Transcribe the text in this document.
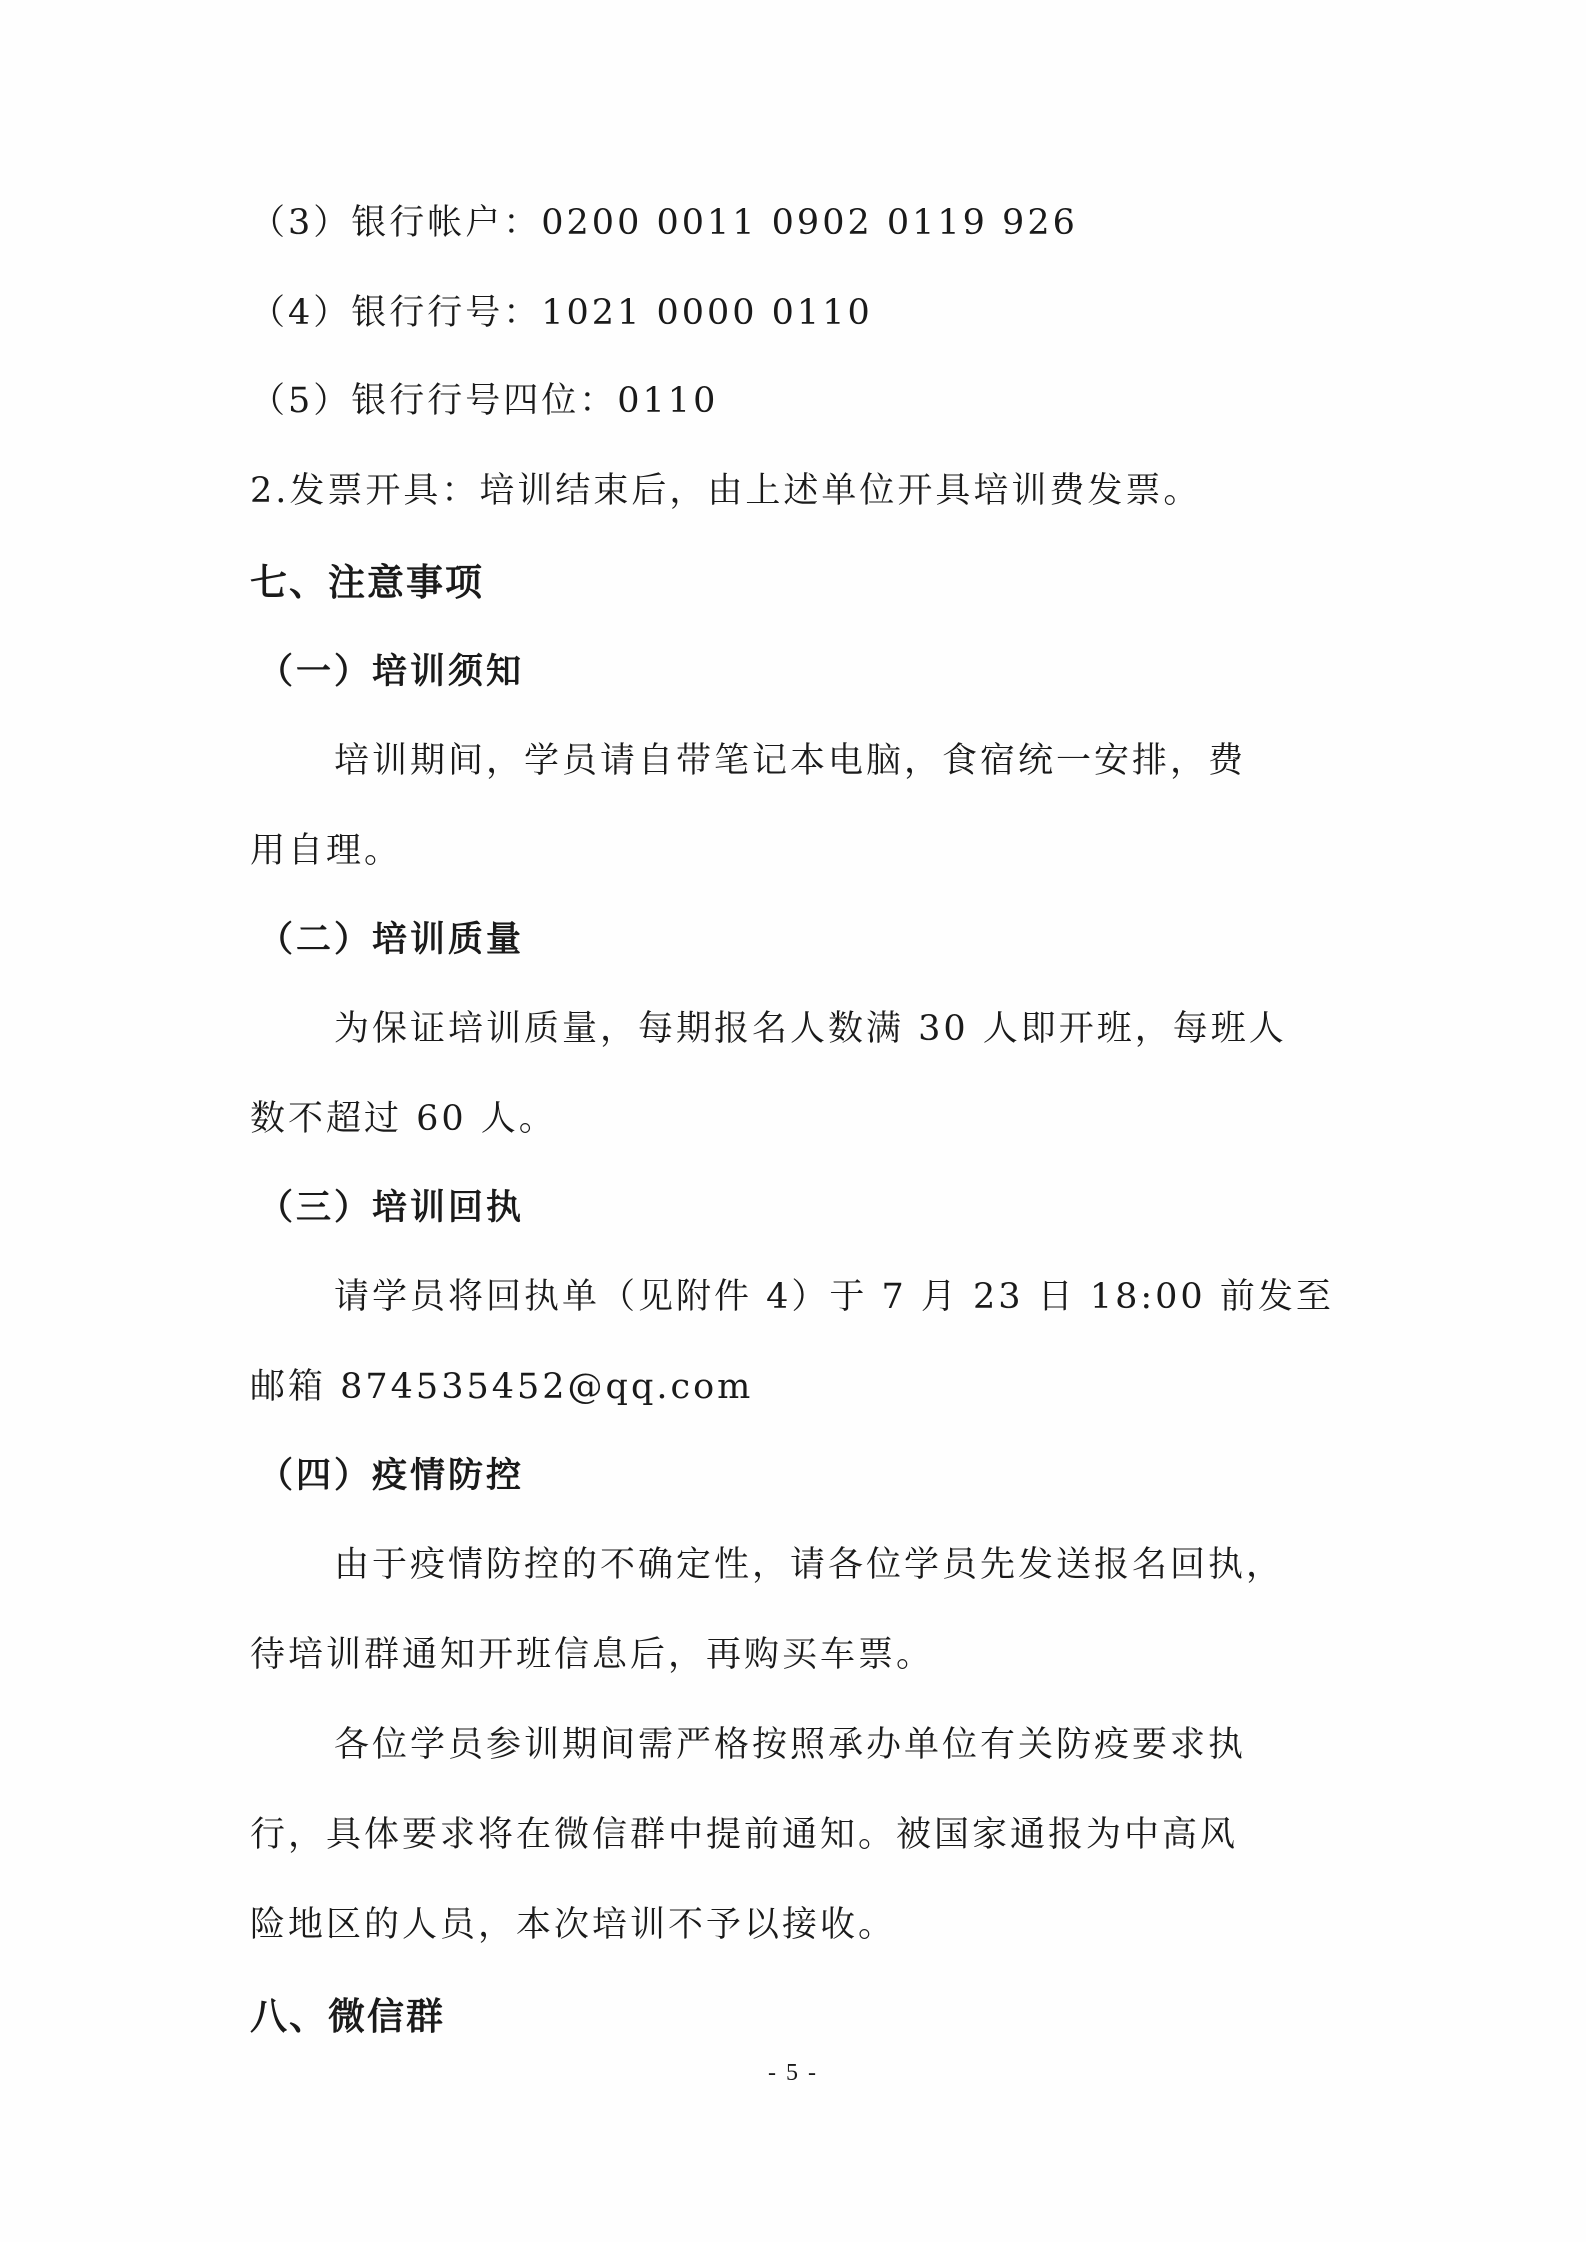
（3）银行帐户：0200 0011 0902 0119 926
（4）银行行号：1021 0000 0110
（5）银行行号四位：0110
2.发票开具：培训结束后，由上述单位开具培训费发票。
七、注意事项
（一）培训须知
培训期间，学员请自带笔记本电脑，食宿统一安排，费
用自理。
（二）培训质量
为保证培训质量，每期报名人数满 30 人即开班，每班人
数不超过 60 人。
（三）培训回执
请学员将回执单（见附件 4）于 7 月 23 日 18:00 前发至
邮箱 874535452@qq.com
（四）疫情防控
由于疫情防控的不确定性，请各位学员先发送报名回执，
待培训群通知开班信息后，再购买车票。
各位学员参训期间需严格按照承办单位有关防疫要求执
行，具体要求将在微信群中提前通知。被国家通报为中高风
险地区的人员，本次培训不予以接收。
八、微信群
- 5 -
